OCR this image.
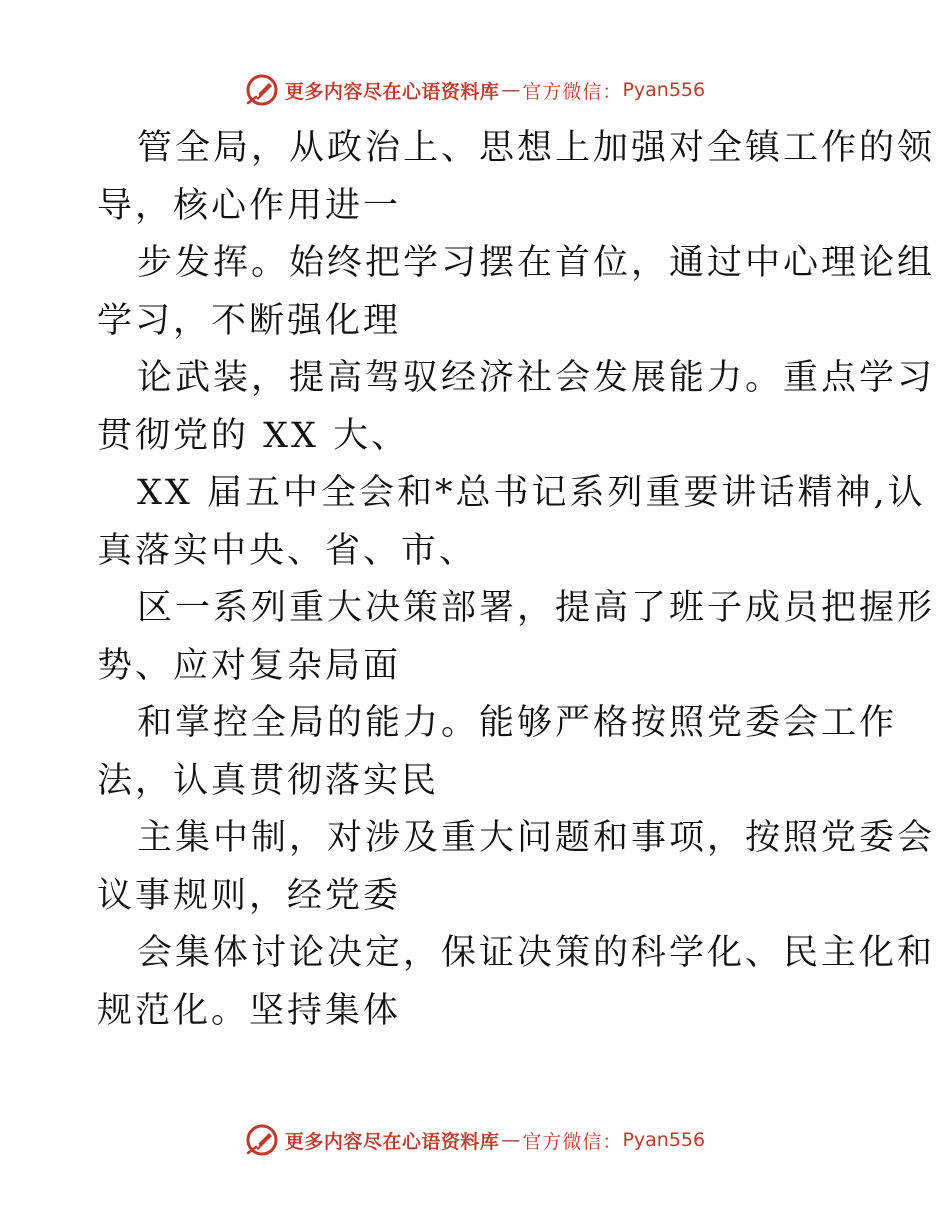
更多内容尽在心语资料库 — 官方微信： Pyan556

管全局，从政治上、思想上加强对全镇工作的领
导，核心作用进一

步发挥。始终把学习摆在首位，通过中心理论组
学习，不断强化理

论武装，提高驾驭经济社会发展能力。重点学习
贯彻党的 XX 大、

XX 届五中全会和*总书记系列重要讲话精神,认
真落实中央、省、市、

区一系列重大决策部署，提高了班子成员把握形
势、应对复杂局面

和掌控全局的能力。能够严格按照党委会工作
法，认真贯彻落实民

主集中制，对涉及重大问题和事项，按照党委会
议事规则，经党委

会集体讨论决定，保证决策的科学化、民主化和
规范化。坚持集体

更多内容尽在心语资料库 — 官方微信： Pyan556
